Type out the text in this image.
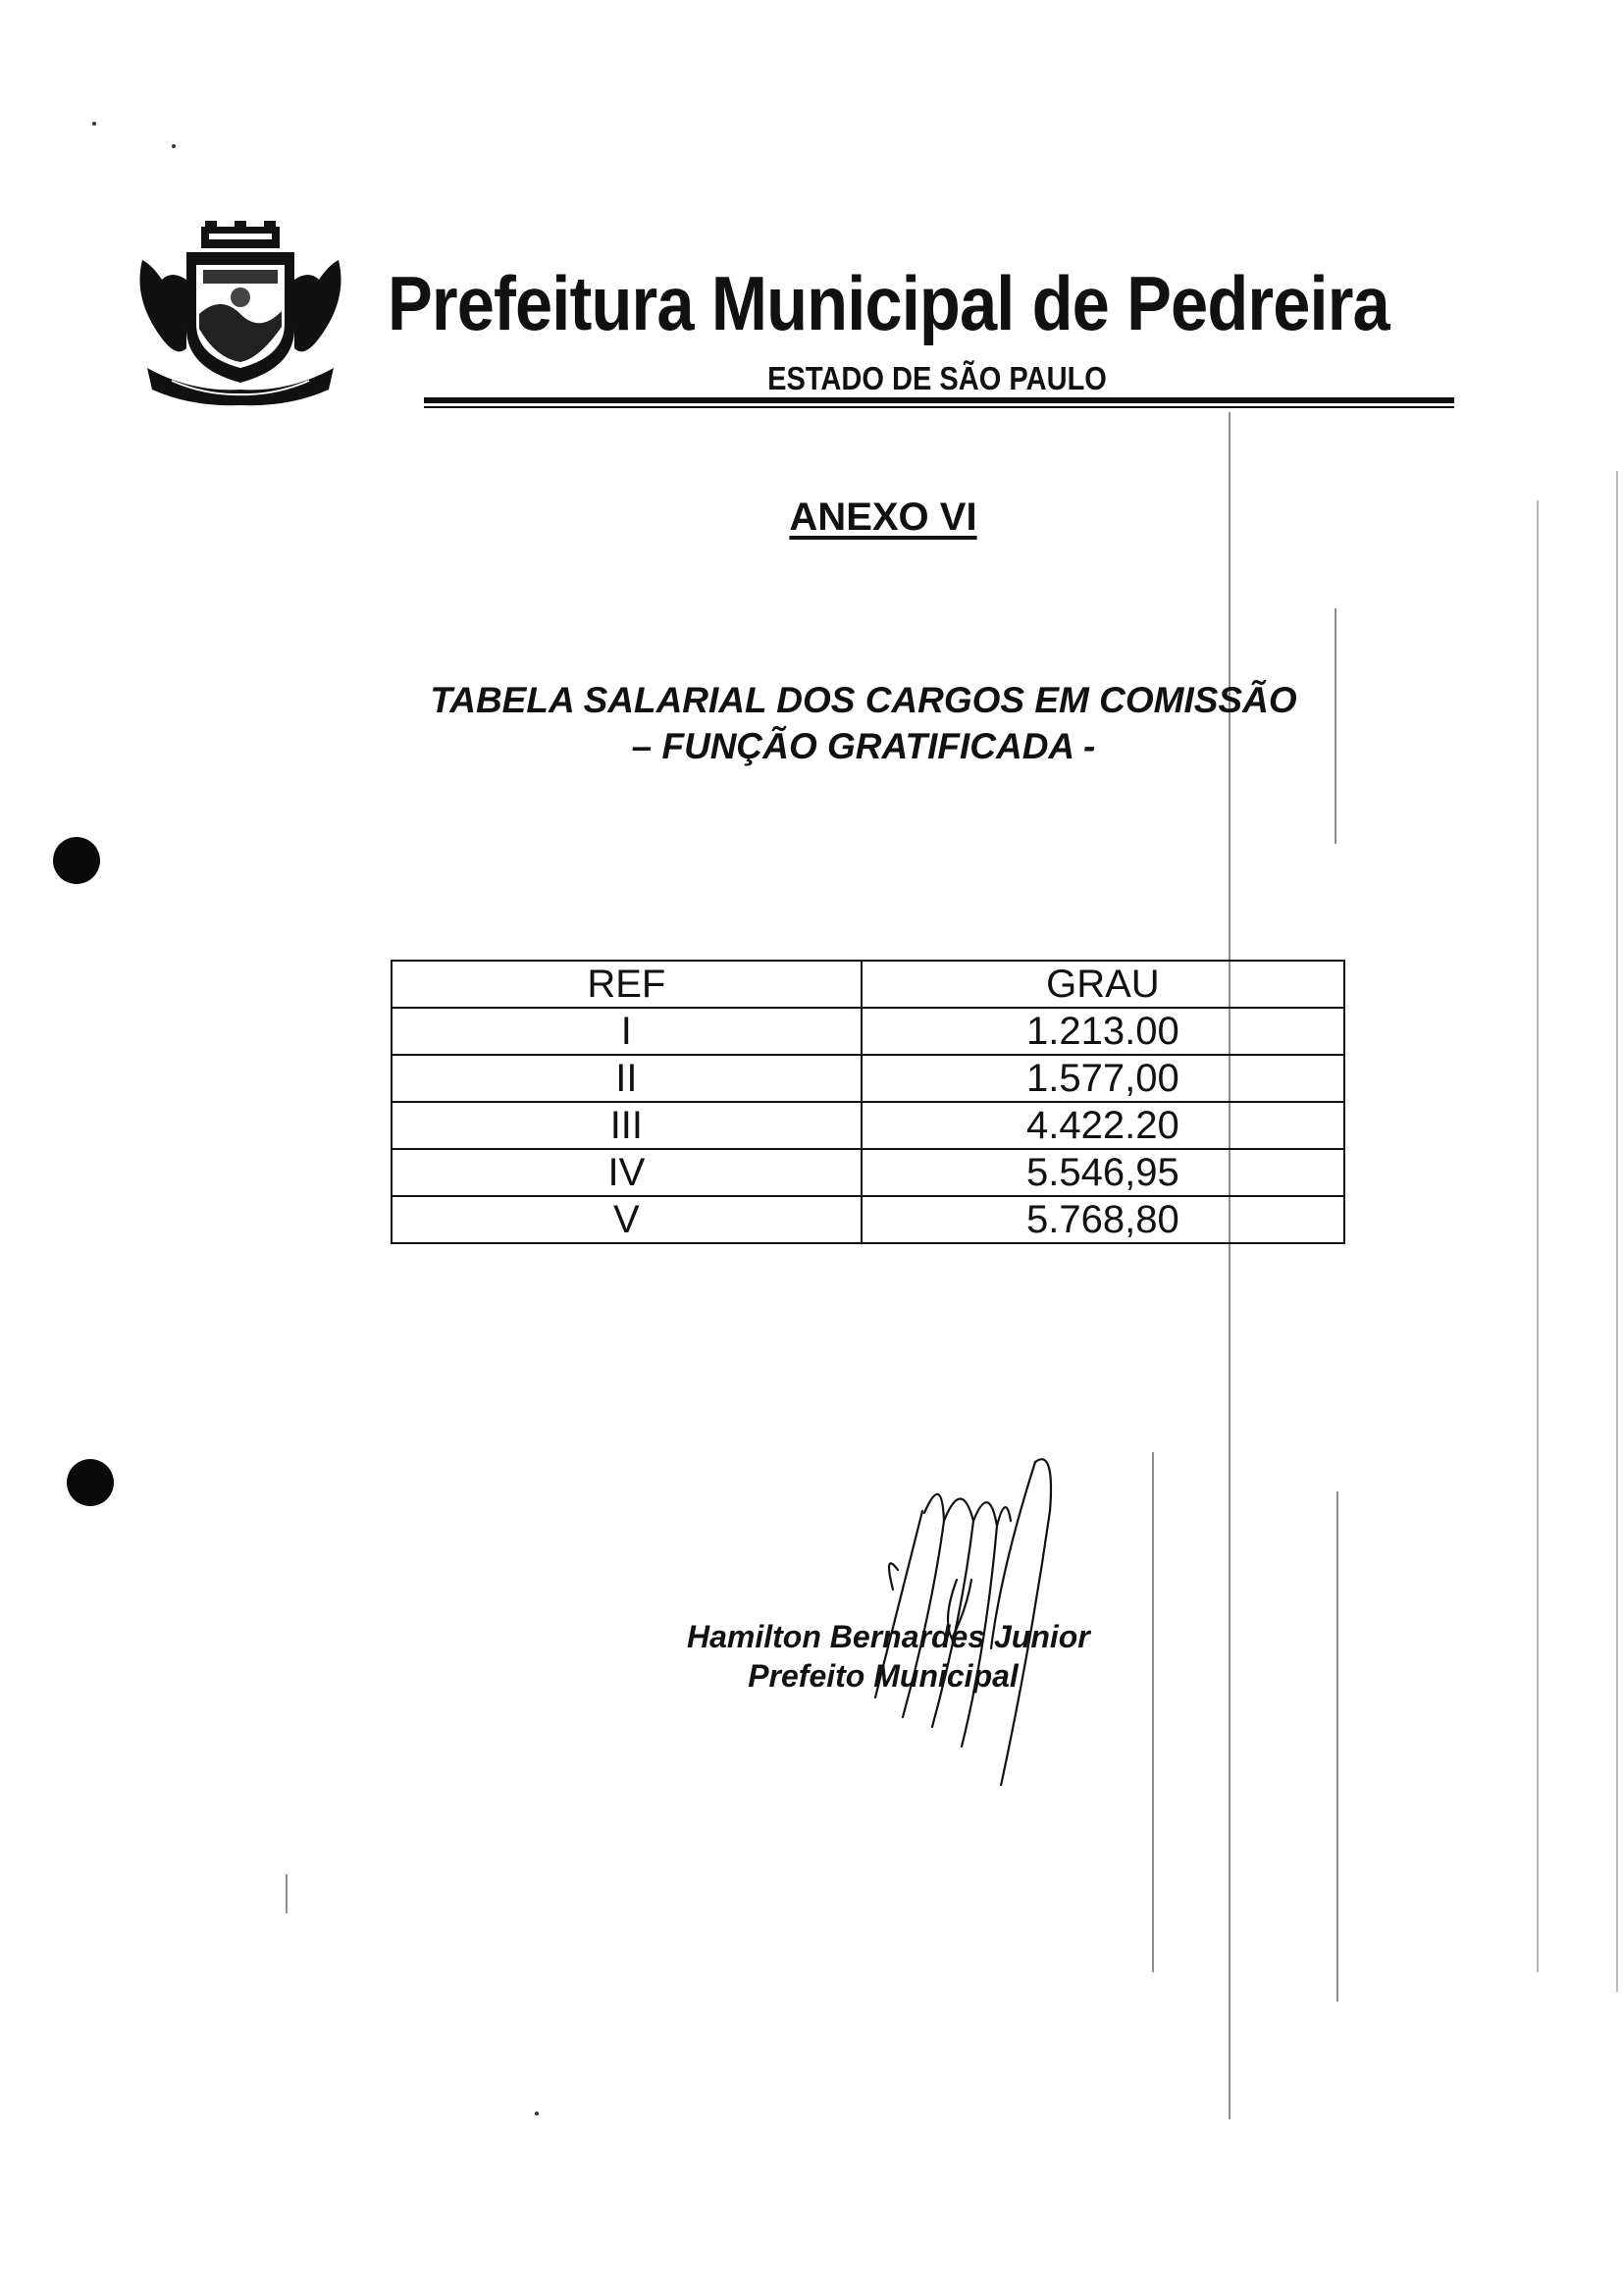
Prefeitura Municipal de Pedreira
ESTADO DE SÃO PAULO
ANEXO VI
TABELA SALARIAL DOS CARGOS EM COMISSÃO
– FUNÇÃO GRATIFICADA -
REF	GRAU
I	1.213.00
II	1.577,00
III	4.422.20
IV	5.546,95
V	5.768,80
Hamilton Bernardes Junior
Prefeito Municipal
